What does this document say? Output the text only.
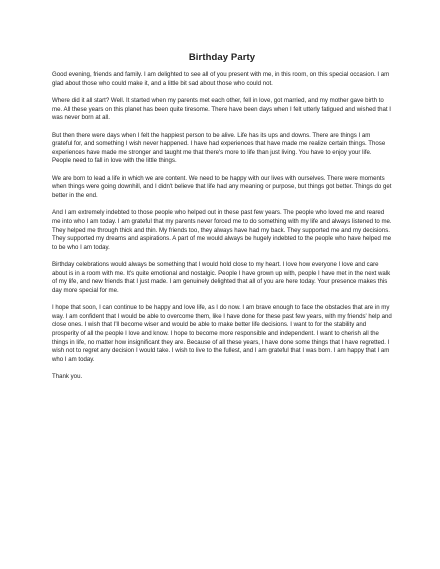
Birthday Party

Good evening, friends and family. I am delighted to see all of you present with me, in this room, on this special occasion. I am glad about those who could make it, and a little bit sad about those who could not.

Where did it all start? Well. It started when my parents met each other, fell in love, got married, and my mother gave birth to me. All these years on this planet has been quite tiresome. There have been days when I felt utterly fatigued and wished that I was never born at all.

But then there were days when I felt the happiest person to be alive. Life has its ups and downs. There are things I am grateful for, and something I wish never happened. I have had experiences that have made me realize certain things. Those experiences have made me stronger and taught me that there's more to life than just living. You have to enjoy your life. People need to fall in love with the little things.

We are born to lead a life in which we are content. We need to be happy with our lives with ourselves. There were moments when things were going downhill, and I didn't believe that life had any meaning or purpose, but things got better. Things do get better in the end.

And I am extremely indebted to those people who helped out in these past few years. The people who loved me and reared me into who I am today. I am grateful that my parents never forced me to do something with my life and always listened to me. They helped me through thick and thin. My friends too, they always have had my back. They supported me and my decisions. They supported my dreams and aspirations. A part of me would always be hugely indebted to the people who have helped me to be who I am today.

Birthday celebrations would always be something that I would hold close to my heart. I love how everyone I love and care about is in a room with me. It's quite emotional and nostalgic. People I have grown up with, people I have met in the next walk of my life, and new friends that I just made. I am genuinely delighted that all of you are here today. Your presence makes this day more special for me.

I hope that soon, I can continue to be happy and love life, as I do now. I am brave enough to face the obstacles that are in my way. I am confident that I would be able to overcome them, like I have done for these past few years, with my friends' help and close ones. I wish that I'll become wiser and would be able to make better life decisions. I want to for the stability and prosperity of all the people I love and know. I hope to become more responsible and independent. I want to cherish all the things in life, no matter how insignificant they are. Because of all these years, I have done some things that I have regretted. I wish not to regret any decision I would take. I wish to live to the fullest, and I am grateful that I was born. I am happy that I am who I am today.

Thank you.
